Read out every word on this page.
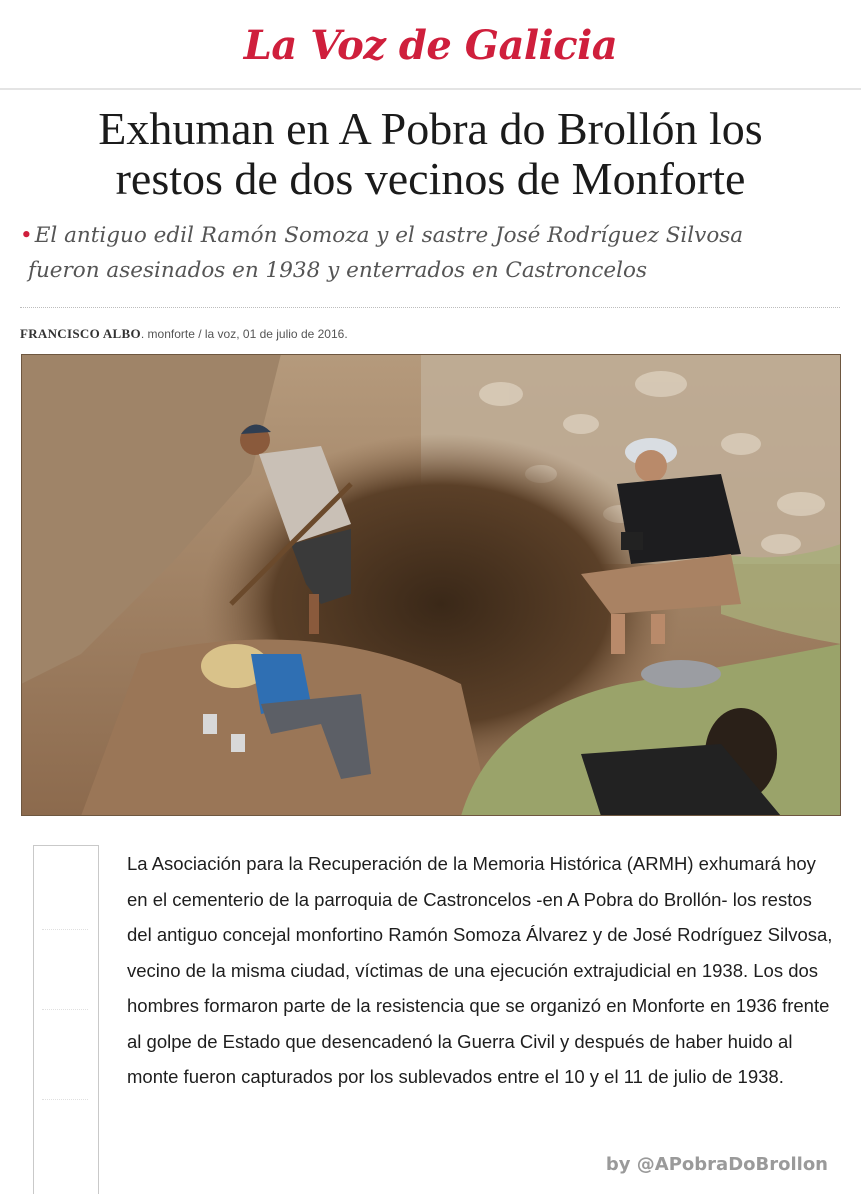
La Voz de Galicia
Exhuman en A Pobra do Brollón los
restos de dos vecinos de Monforte
•El antiguo edil Ramón Somoza y el sastre José Rodríguez Silvosa
fueron asesinados en 1938 y enterrados en Castroncelos
FRANCISCO ALBO. monforte / la voz, 01 de julio de 2016.

La Asociación para la Recuperación de la Memoria Histórica (ARMH) exhumará hoy en el cementerio de la parroquia de Castroncelos -en A Pobra do Brollón- los restos del antiguo concejal monfortino Ramón Somoza Álvarez y de José Rodríguez Silvosa, vecino de la misma ciudad, víctimas de una ejecución extrajudicial en 1938. Los dos hombres formaron parte de la resistencia que se organizó en Monforte en 1936 frente al golpe de Estado que desencadenó la Guerra Civil y después de haber huido al monte fueron capturados por los sublevados entre el 10 y el 11 de julio de 1938.

by @APobraDoBrollon
